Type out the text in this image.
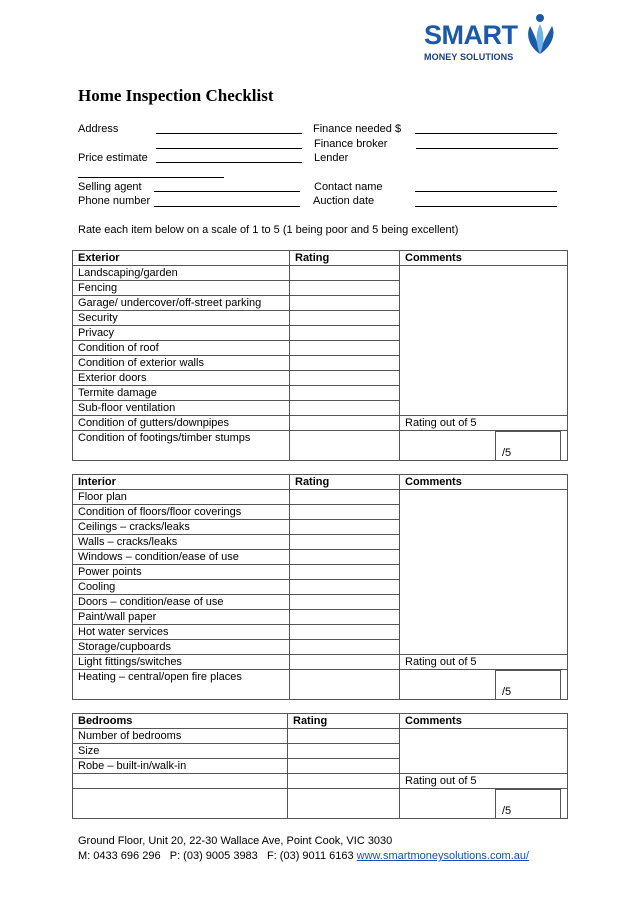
SMART
MONEY SOLUTIONS
Home Inspection Checklist
Address
Price estimate
Selling agent
Phone number
Finance needed $
Finance broker
Lender
Contact name
Auction date
Rate each item below on a scale of 1 to 5 (1 being poor and 5 being excellent)
Exterior	Rating	Comments
Landscaping/garden		
Fencing		
Garage/ undercover/off-street parking		
Security		
Privacy		
Condition of roof		
Condition of exterior walls		
Exterior doors		
Termite damage		
Sub-floor ventilation		
Condition of gutters/downpipes		Rating out of 5
Condition of footings/timber stumps		/5
Interior	Rating	Comments
Floor plan		
Condition of floors/floor coverings		
Ceilings – cracks/leaks		
Walls – cracks/leaks		
Windows – condition/ease of use		
Power points		
Cooling		
Doors – condition/ease of use		
Paint/wall paper		
Hot water services		
Storage/cupboards		
Light fittings/switches		Rating out of 5
Heating – central/open fire places		/5
Bedrooms	Rating	Comments
Number of bedrooms		
Size		
Robe – built-in/walk-in		
		Rating out of 5

		/5
Ground Floor, Unit 20, 22-30 Wallace Ave, Point Cook, VIC 3030
M: 0433 696 296   P: (03) 9005 3983   F: (03) 9011 6163 www.smartmoneysolutions.com.au/
